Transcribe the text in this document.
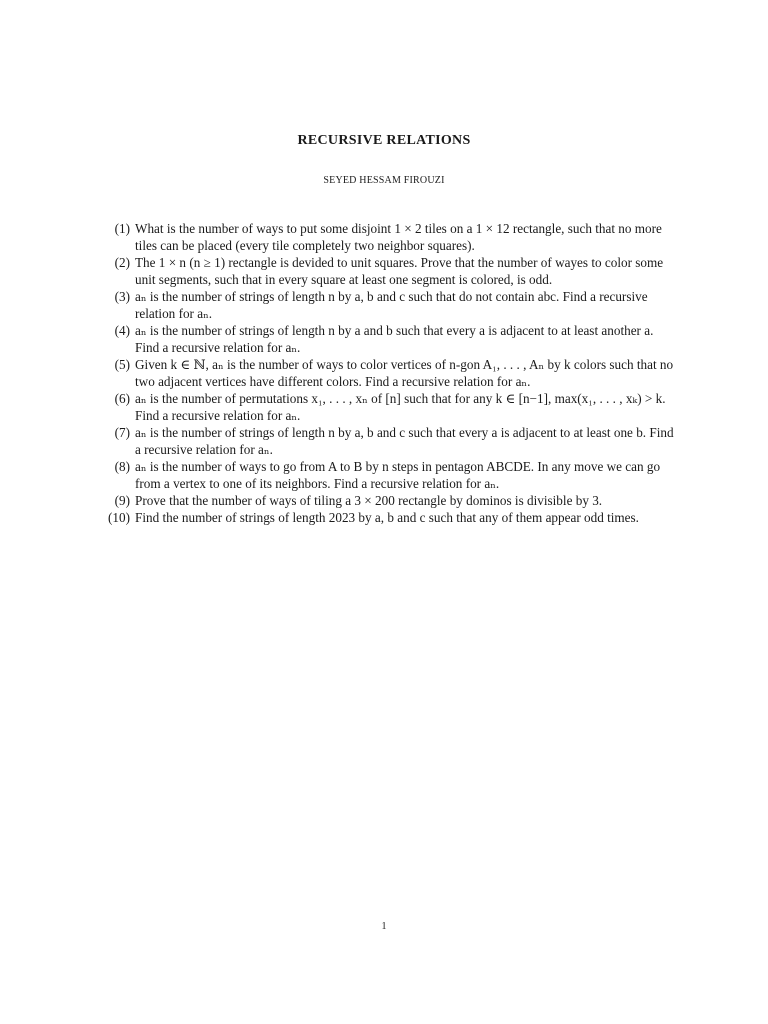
RECURSIVE RELATIONS
SEYED HESSAM FIROUZI
(1) What is the number of ways to put some disjoint 1 × 2 tiles on a 1 × 12 rectangle, such that no more tiles can be placed (every tile completely two neighbor squares).
(2) The 1 × n (n ≥ 1) rectangle is devided to unit squares. Prove that the number of wayes to color some unit segments, such that in every square at least one segment is colored, is odd.
(3) aₙ is the number of strings of length n by a, b and c such that do not contain abc. Find a recursive relation for aₙ.
(4) aₙ is the number of strings of length n by a and b such that every a is adjacent to at least another a. Find a recursive relation for aₙ.
(5) Given k ∈ ℕ, aₙ is the number of ways to color vertices of n-gon A₁, . . . , Aₙ by k colors such that no two adjacent vertices have different colors. Find a recursive relation for aₙ.
(6) aₙ is the number of permutations x₁, . . . , xₙ of [n] such that for any k ∈ [n−1], max(x₁, . . . , xₖ) > k. Find a recursive relation for aₙ.
(7) aₙ is the number of strings of length n by a, b and c such that every a is adjacent to at least one b. Find a recursive relation for aₙ.
(8) aₙ is the number of ways to go from A to B by n steps in pentagon ABCDE. In any move we can go from a vertex to one of its neighbors. Find a recursive relation for aₙ.
(9) Prove that the number of ways of tiling a 3 × 200 rectangle by dominos is divisible by 3.
(10) Find the number of strings of length 2023 by a, b and c such that any of them appear odd times.
1
